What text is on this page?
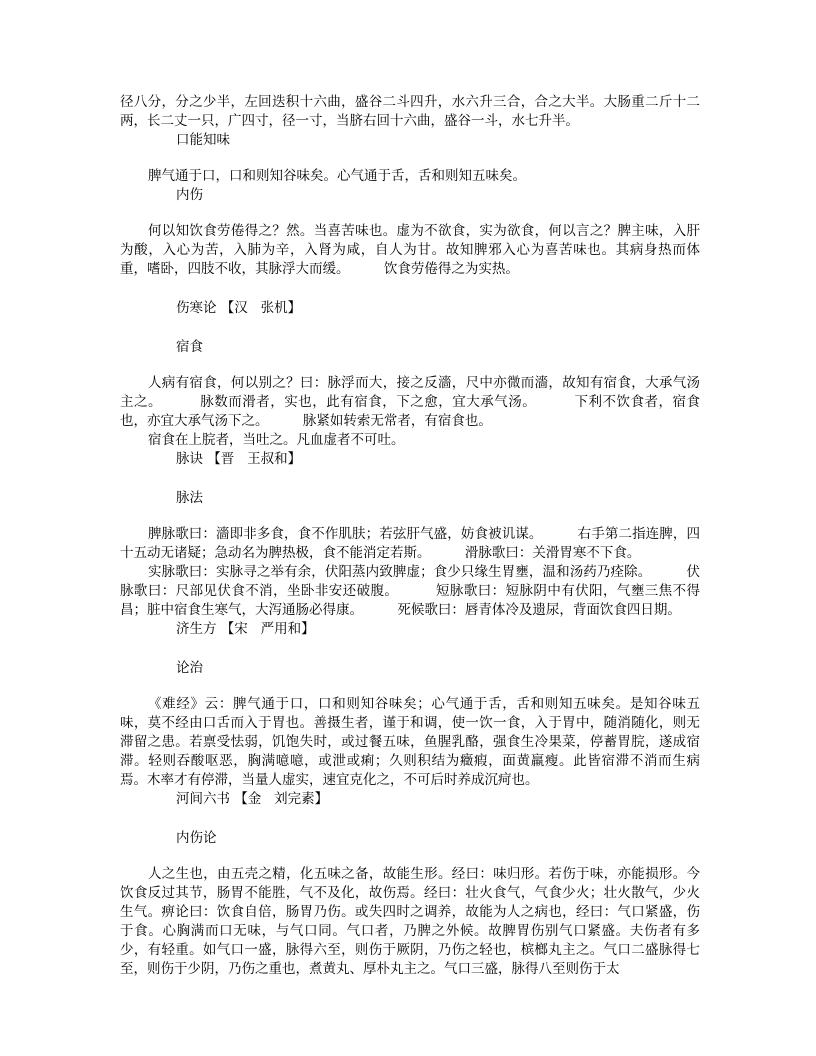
径八分，分之少半，左回迭积十六曲，盛谷二斗四升，水六升三合，合之大半。大肠重二斤十二两，长二丈一只，广四寸，径一寸，当脐右回十六曲，盛谷一斗，水七升半。

口能知味

脾气通于口，口和则知谷味矣。心气通于舌，舌和则知五味矣。

内伤

何以知饮食劳倦得之？然。当喜苦味也。虚为不欲食，实为欲食，何以言之？脾主味，入肝为酸，入心为苦，入肺为辛，入肾为咸，自人为甘。故知脾邪入心为喜苦味也。其病身热而体重，嗜卧，四肢不收，其脉浮大而缓。        饮食劳倦得之为实热。

伤寒论 【汉   张机】

宿食

人病有宿食，何以别之？曰：脉浮而大，接之反濇，尺中亦微而濇，故知有宿食，大承气汤主之。        脉数而滑者，实也，此有宿食，下之愈，宜大承气汤。        下利不饮食者，宿食也，亦宜大承气汤下之。        脉紧如转索无常者，有宿食也。

宿食在上脘者，当吐之。凡血虚者不可吐。

脉诀 【晋   王叔和】

脉法

脾脉歌曰：濇即非多食，食不作肌肤；若弦肝气盛，妨食被讥谋。        右手第二指连脾，四十五动无诸疑；急动名为脾热极，食不能消定若斯。        滑脉歌曰：关滑胃寒不下食。

实脉歌曰：实脉寻之举有余，伏阳蒸内致脾虚；食少只缘生胃壅，温和汤药乃痊除。        伏脉歌曰：尺部见伏食不消，坐卧非安还破腹。        短脉歌曰：短脉阴中有伏阳，气壅三焦不得昌；脏中宿食生寒气，大泻通肠必得康。        死候歌曰：唇青体冷及遗尿，背面饮食四日期。

济生方 【宋   严用和】

论治

《难经》云：脾气通于口，口和则知谷味矣；心气通于舌，舌和则知五味矣。是知谷味五味，莫不经由口舌而入于胃也。善摄生者，谨于和调，使一饮一食，入于胃中，随消随化，则无滞留之患。若禀受怯弱，饥饱失时，或过餐五味，鱼腥乳酪，强食生冷果菜，停蓄胃脘，遂成宿滞。轻则吞酸呕恶，胸满噫噫，或泄或痢；久则积结为癥瘕，面黄羸瘦。此皆宿滞不消而生病焉。木率才有停滞，当量人虚实，速宜克化之，不可后时养成沉疴也。

河间六书 【金   刘完素】

内伤论

人之生也，由五壳之精，化五味之备，故能生形。经曰：味归形。若伤于味，亦能损形。今饮食反过其节，肠胃不能胜，气不及化，故伤焉。经曰：壮火食气，气食少火；壮火散气，少火生气。痹论曰：饮食自倍，肠胃乃伤。或失四时之调养，故能为人之病也，经曰：气口紧盛，伤于食。心胸满而口无味，与气口同。气口者，乃脾之外候。故脾胃伤别气口紧盛。夫伤者有多少，有轻重。如气口一盛，脉得六至，则伤于厥阴，乃伤之轻也，槟榔丸主之。气口二盛脉得七至，则伤于少阴，乃伤之重也，煮黄丸、厚朴丸主之。气口三盛，脉得八至则伤于太
